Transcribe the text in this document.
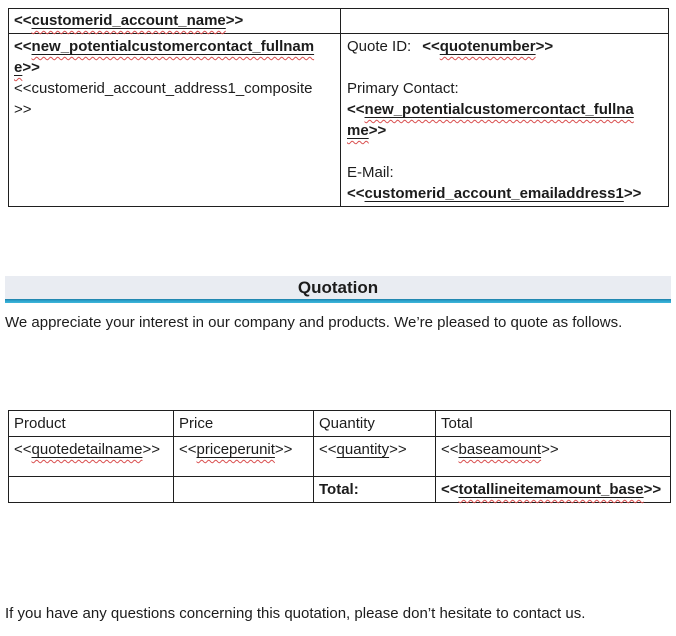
<<customerid_account_name>>	

<<new_potentialcustomercontact_fullname>>
<<customerid_account_address1_composite>>

Quote ID: <<quotenumber>>
Primary Contact:
<<new_potentialcustomercontact_fullname>>
E-Mail:
<<customerid_account_emailaddress1>>
Quotation
We appreciate your interest in our company and products. We’re pleased to quote as follows.
Product	Price	Quantity	Total
<<quotedetailname>>	<<priceperunit>>	<<quantity>>	<<baseamount>>
		Total:	<<totallineitemamount_base>>
If you have any questions concerning this quotation, please don’t hesitate to contact us.
